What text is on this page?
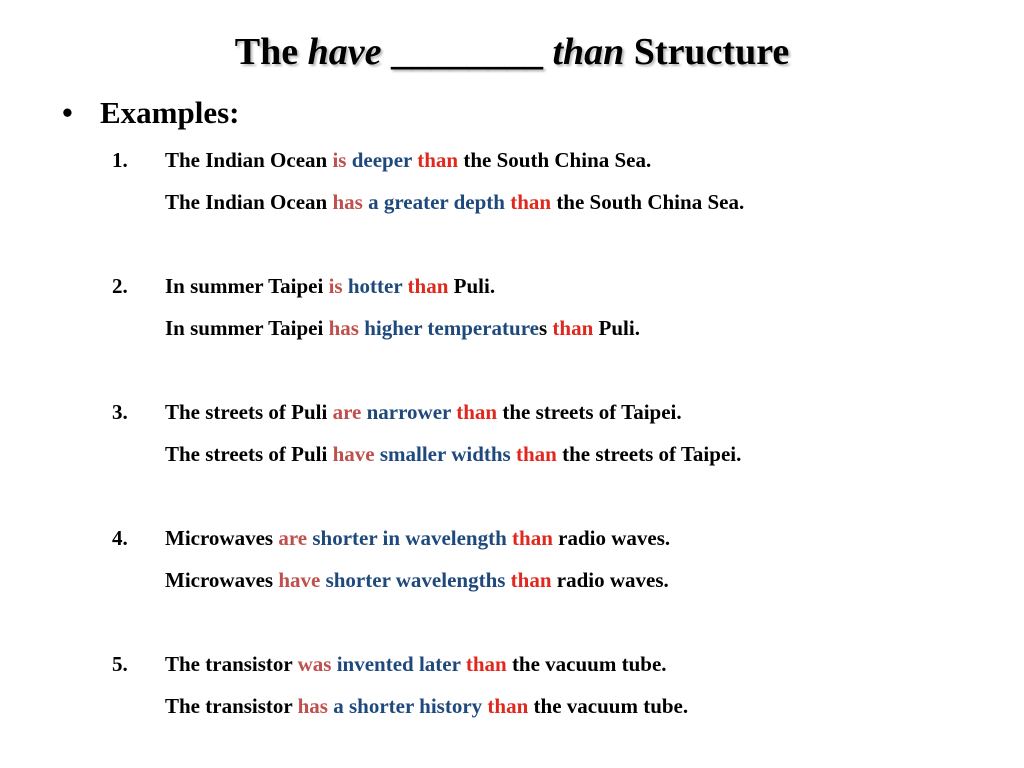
The have ________ than Structure
• Examples:
1. The Indian Ocean is deeper than the South China Sea.
The Indian Ocean has a greater depth than the South China Sea.
2. In summer Taipei is hotter than Puli.
In summer Taipei has higher temperatures than Puli.
3. The streets of Puli are narrower than the streets of Taipei.
The streets of Puli have smaller widths than the streets of Taipei.
4. Microwaves are shorter in wavelength than radio waves.
Microwaves have shorter wavelengths than radio waves.
5. The transistor was invented later than the vacuum tube.
The transistor has a shorter history than the vacuum tube.
